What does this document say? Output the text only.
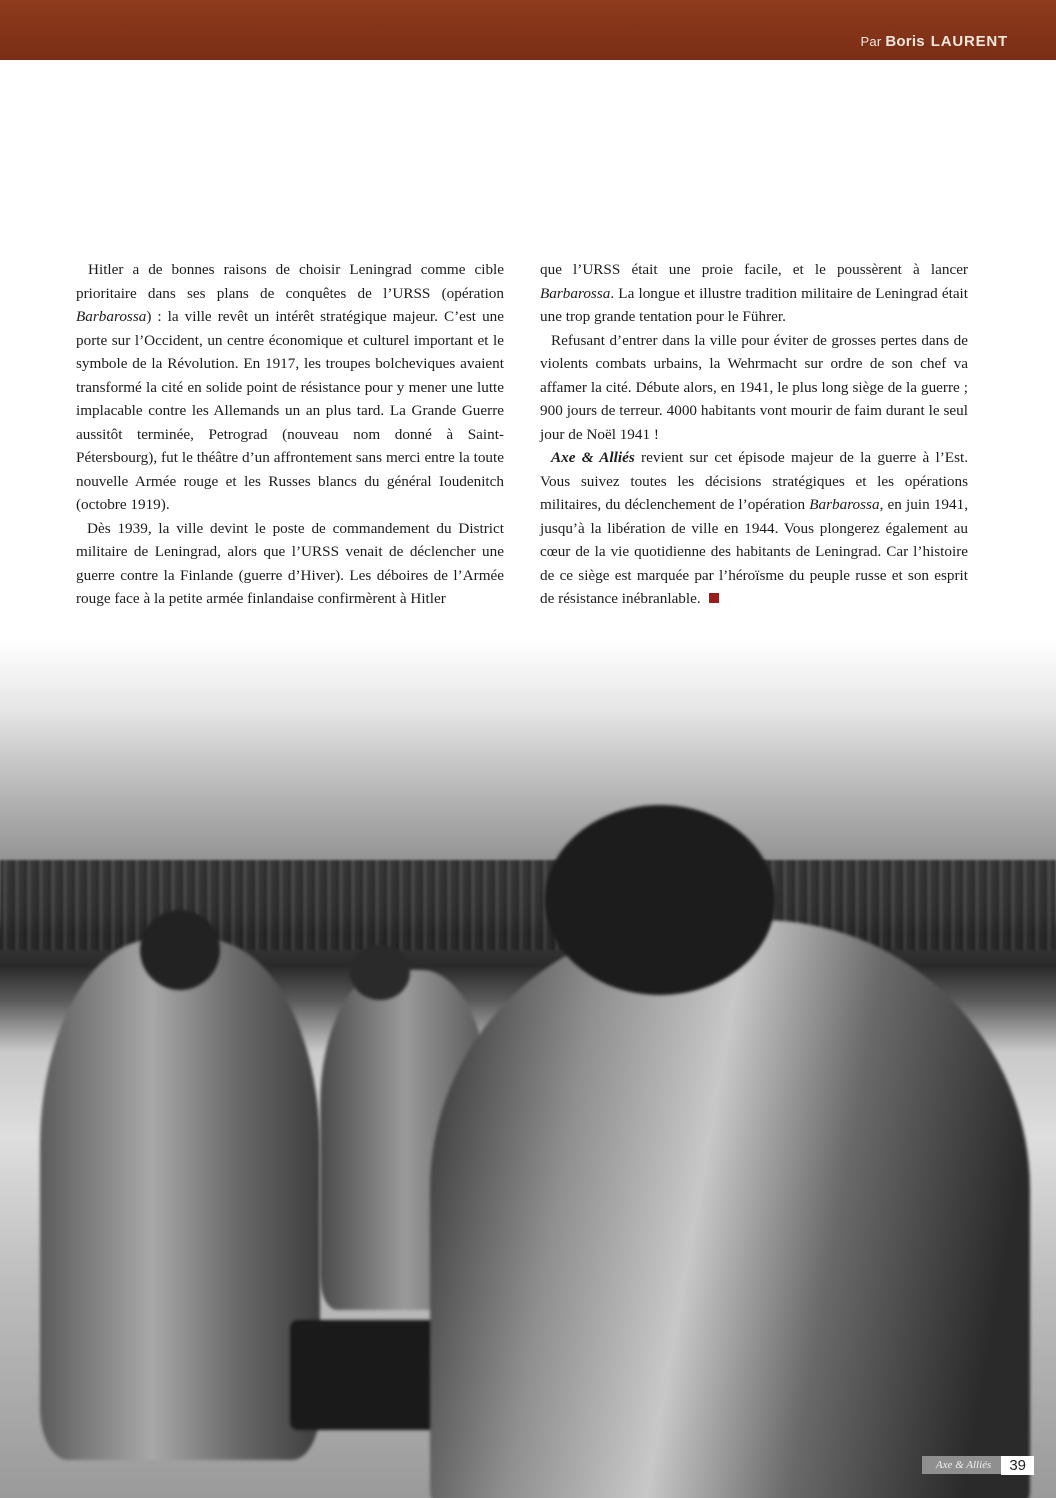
Par Boris LAURENT

Hitler a de bonnes raisons de choisir Leningrad comme cible prioritaire dans ses plans de conquêtes de l’URSS (opération Barbarossa) : la ville revêt un intérêt stratégique majeur. C’est une porte sur l’Occident, un centre économique et culturel important et le symbole de la Révolution. En 1917, les troupes bolcheviques avaient transformé la cité en solide point de résistance pour y mener une lutte implacable contre les Allemands un an plus tard. La Grande Guerre aussitôt terminée, Petrograd (nouveau nom donné à Saint-Pétersbourg), fut le théâtre d’un affrontement sans merci entre la toute nouvelle Armée rouge et les Russes blancs du général Ioudenitch (octobre 1919).

Dès 1939, la ville devint le poste de commandement du District militaire de Leningrad, alors que l’URSS venait de déclencher une guerre contre la Finlande (guerre d’Hiver). Les déboires de l’Armée rouge face à la petite armée finlandaise confirmèrent à Hitler

que l’URSS était une proie facile, et le poussèrent à lancer Barbarossa. La longue et illustre tradition militaire de Leningrad était une trop grande tentation pour le Führer.

Refusant d’entrer dans la ville pour éviter de grosses pertes dans de violents combats urbains, la Wehrmacht sur ordre de son chef va affamer la cité. Débute alors, en 1941, le plus long siège de la guerre ; 900 jours de terreur. 4000 habitants vont mourir de faim durant le seul jour de Noël 1941 !

Axe & Alliés revient sur cet épisode majeur de la guerre à l’Est. Vous suivez toutes les décisions stratégiques et les opérations militaires, du déclenchement de l’opération Barbarossa, en juin 1941, jusqu’à la libération de ville en 1944. Vous plongerez également au cœur de la vie quotidienne des habitants de Leningrad. Car l’histoire de ce siège est marquée par l’héroïsme du peuple russe et son esprit de résistance inébranlable.

Axe & Alliés	39
